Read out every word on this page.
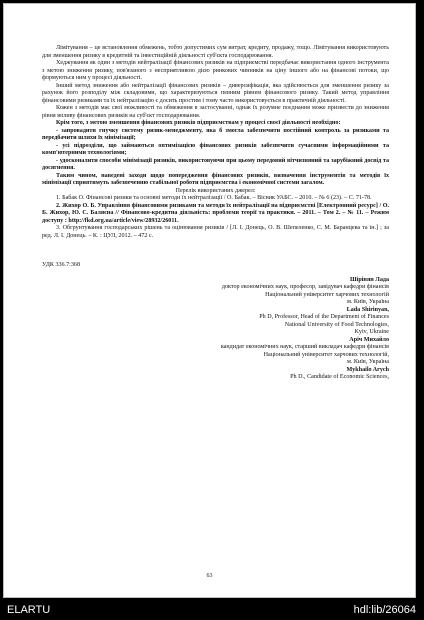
Лімітування – це встановлення обмежень, тобто допустимих сум витрат, кредиту, продажу, тощо. Лімітування використовують для зменшення ризику в кредитній та інвестиційній діяльності суб'єкта господарювання.

Хеджування як один з методів нейтралізації фінансових ризиків на підприємстві передбачає використання одного інструмента з метою зниження ризику, пов'язаного з несприятливою дією ринкових чинників на ціну іншого або на фінансові потоки, що формуються ним у процесі діяльності.

Інший метод зниження або нейтралізації фінансових ризиків – диверсифікація, яка здійснюється для зменшення ризику за рахунок його розподілу між складовими, що характеризуються певним рівнем фінансового ризику. Такий метод управління фінансовими ризиками та їх нейтралізацію є досить простим і тому часто використовується в практичній діяльності.

Кожен з методів має свої можливості та обмеження в застосуванні, однак їх розумне поєднання може призвести до зниження рівня впливу фінансових ризиків на суб'єкт господарювання.

Крім того, з метою зменшення фінансових ризиків підприємствам у процесі своєї діяльності необхідно:

- запровадити гнучку систему ризик-менеджменту, яка б змогла забезпечити постійний контроль за ризиками та передбачити шляхи їх мінімізації;

- усі підрозділи, що займаються оптимізацією фінансових ризиків забезпечити сучасними інформаційними та комп'ютерними технологіями;

- удосконалити способи мінімізації ризиків, використовуючи при цьому передовий вітчизняний та зарубіжний досвід та досягнення.

Таким чином, наведені заходи щодо попередження фінансових ризиків, визначення інструментів та методів їх мінімізації сприятимуть забезпеченню стабільної роботи підприємства і економічної системи загалом.

Перелік використаних джерел:

1. Бабак О. Фінансові ризики та основні методи їх нейтралізації / О. Бабак. – Вісник УАБС. – 2010. – № 6 (23). – С. 71-78.

2. Жихор О. Б. Управління фінансовими ризиками та методи їх нейтралізації на підприємстві [Електронний ресурс] / О. Б. Жихор, Ю. С. Баляєна // Фінансово-кредитна діяльність: проблеми теорії та практики. – 2011. – Том 2. – № 11. – Режим доступу : http://fkd.org.ua/article/view/28932/26011.

3. Обгрунтування господарських рішень та оцінювання ризиків / [Л. І. Донець, О. В. Шепеленко, С. М. Баранцева та ін.] ; за ред. Л. І. Донець. – К. : ЦУЛ, 2012. – 472 с.

УДК 336.7:368

Шірінян Лада

доктор економічних наук, професор, завідувач кафедри фінансів

Національний університет харчових технологій

м. Київ, Україна

Lada Shirinyan,

Ph D, Professor, Head of the Department of Finances

National University of Food Technologies,

Kyiv, Ukraine

Аріч Михайло

кандидат економічних наук, старший викладач кафедри фінансів

Національний університет харчових технологій,

м. Київ, Україна

Mykhailo Arych

Ph D., Candidate of Economic Sciences,

63
ELARTU	hdl:lib/26064
